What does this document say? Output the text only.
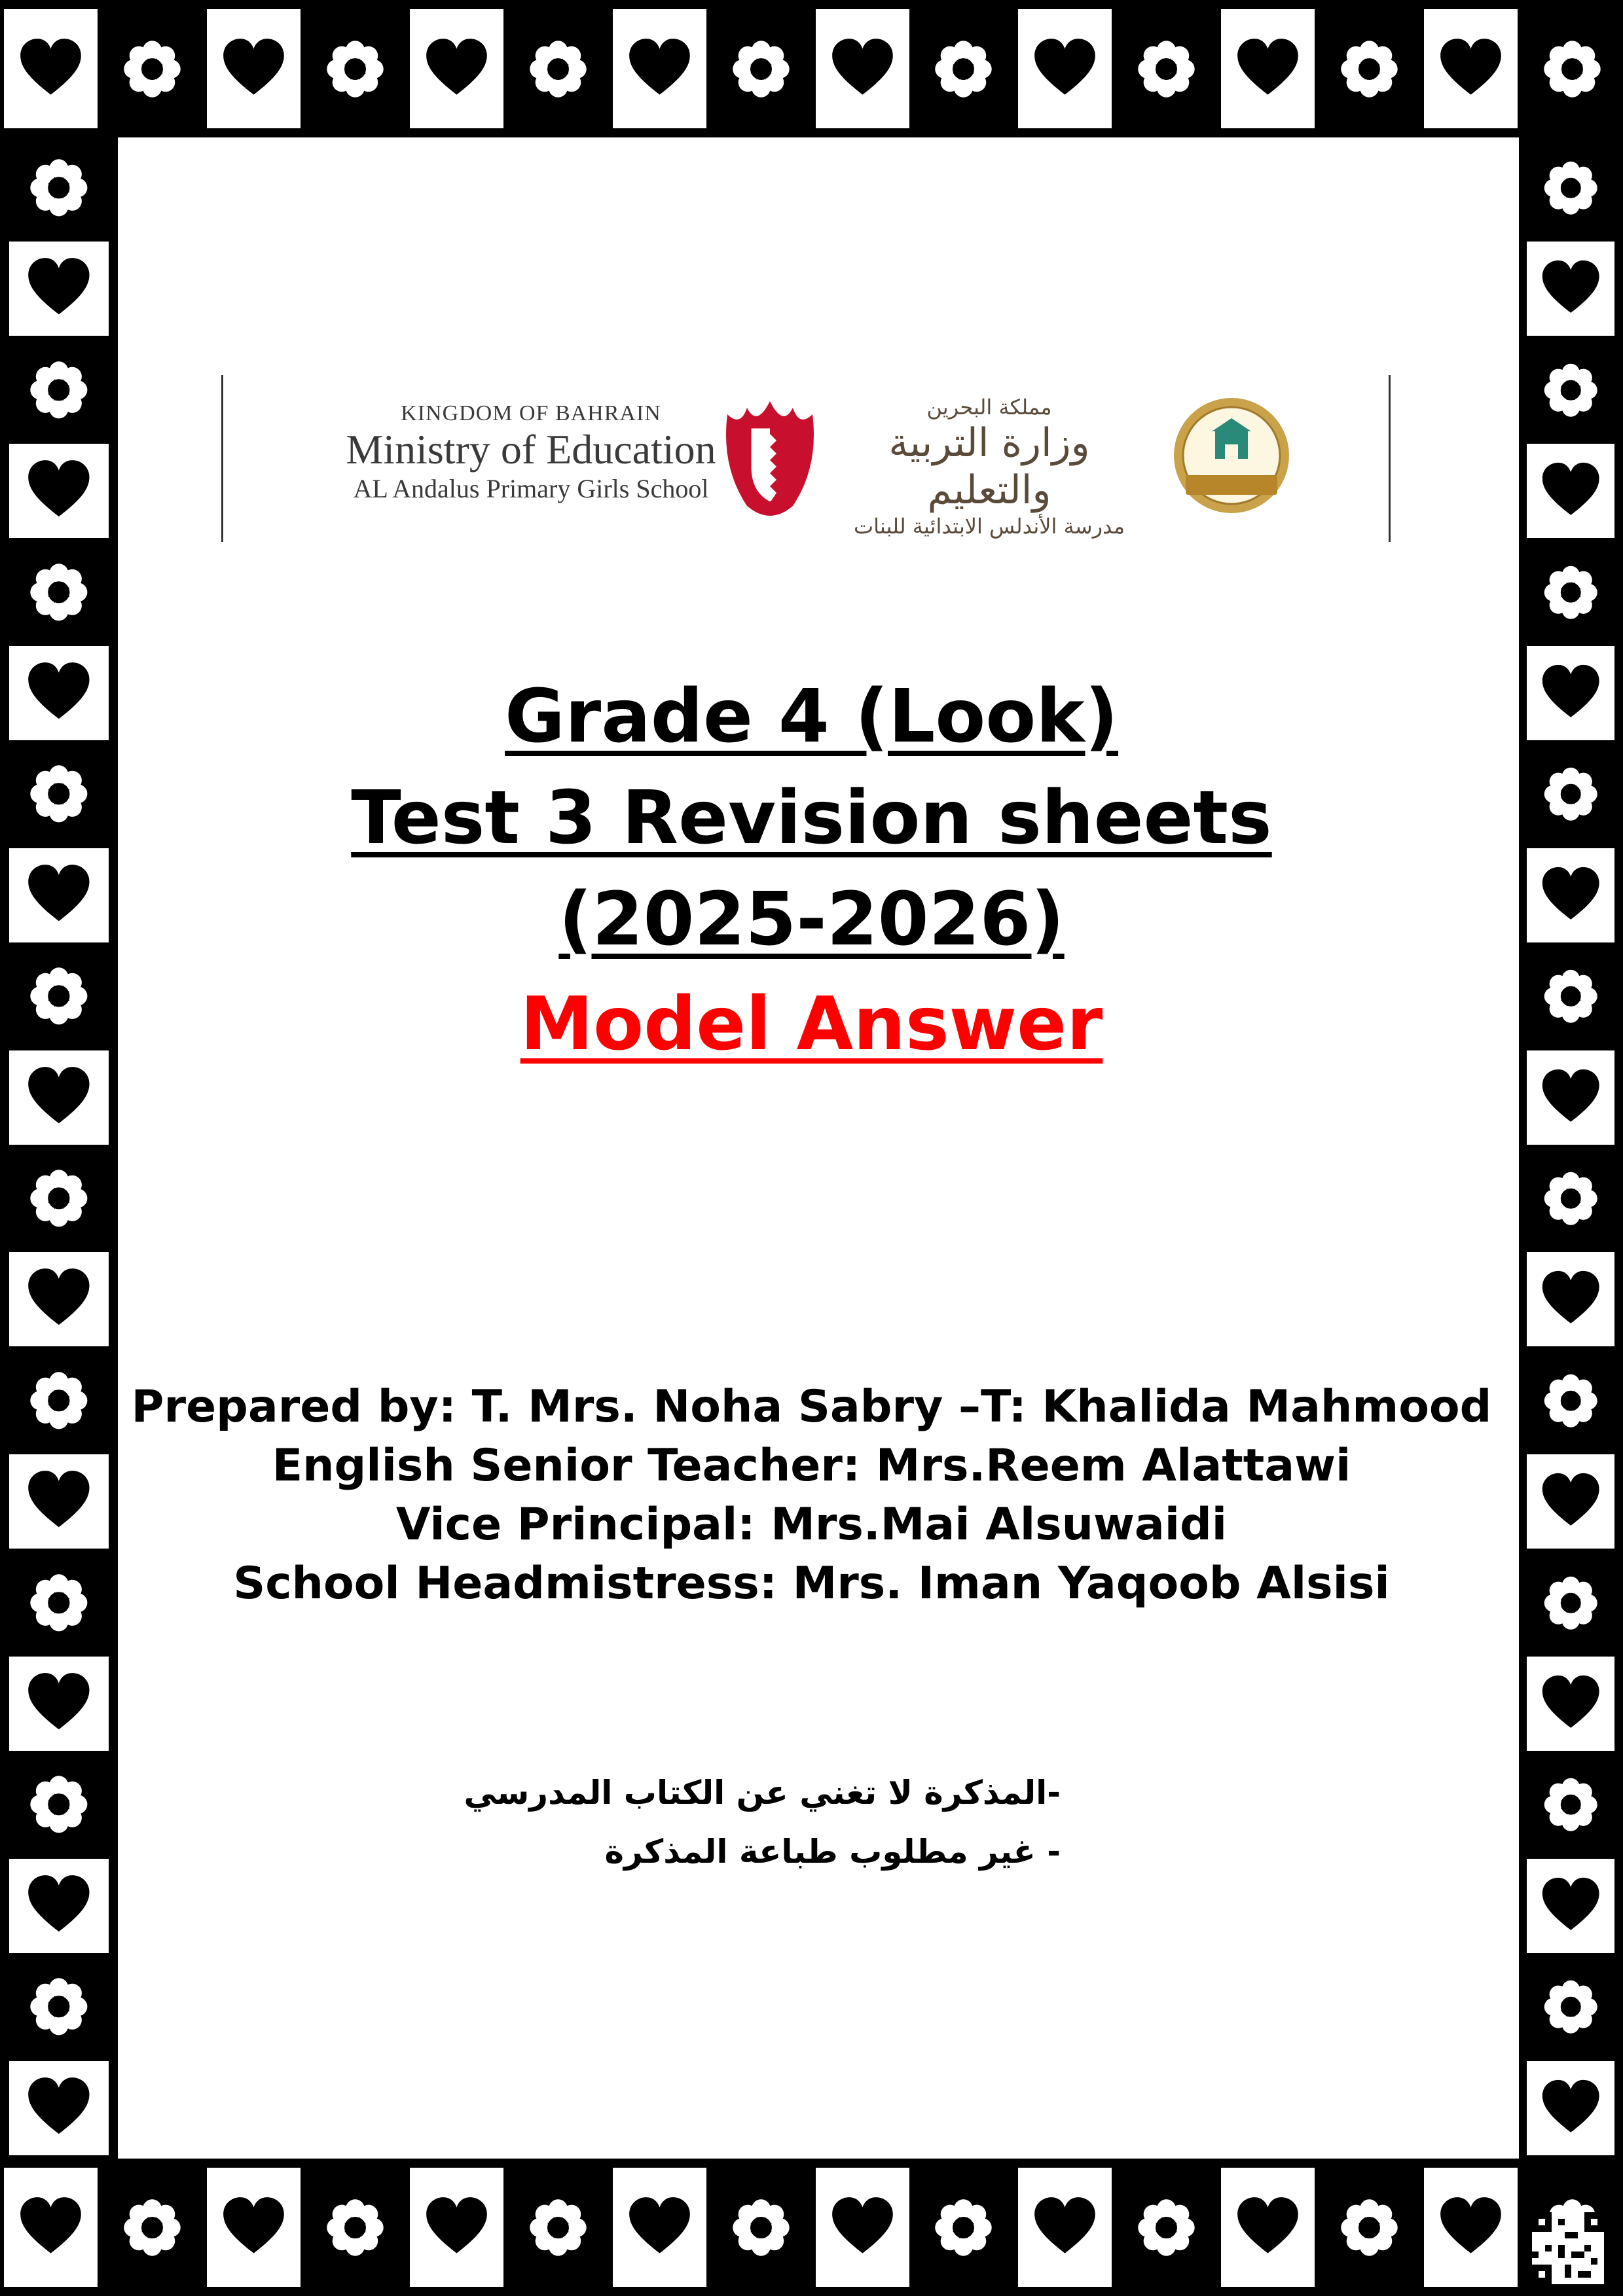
KINGDOM OF BAHRAIN
Ministry of Education
AL Andalus Primary Girls School
مملكة البحرين
وزارة التربية والتعليم
مدرسة الأندلس الابتدائية للبنات
Grade 4 (Look)
Test 3 Revision sheets
(2025-2026)
Model Answer
Prepared by: T. Mrs. Noha Sabry –T: Khalida Mahmood
English Senior Teacher: Mrs.Reem Alattawi
Vice Principal: Mrs.Mai Alsuwaidi
School Headmistress: Mrs. Iman Yaqoob Alsisi
-المذكرة لا تغني عن الكتاب المدرسي
- غير مطلوب طباعة المذكرة
